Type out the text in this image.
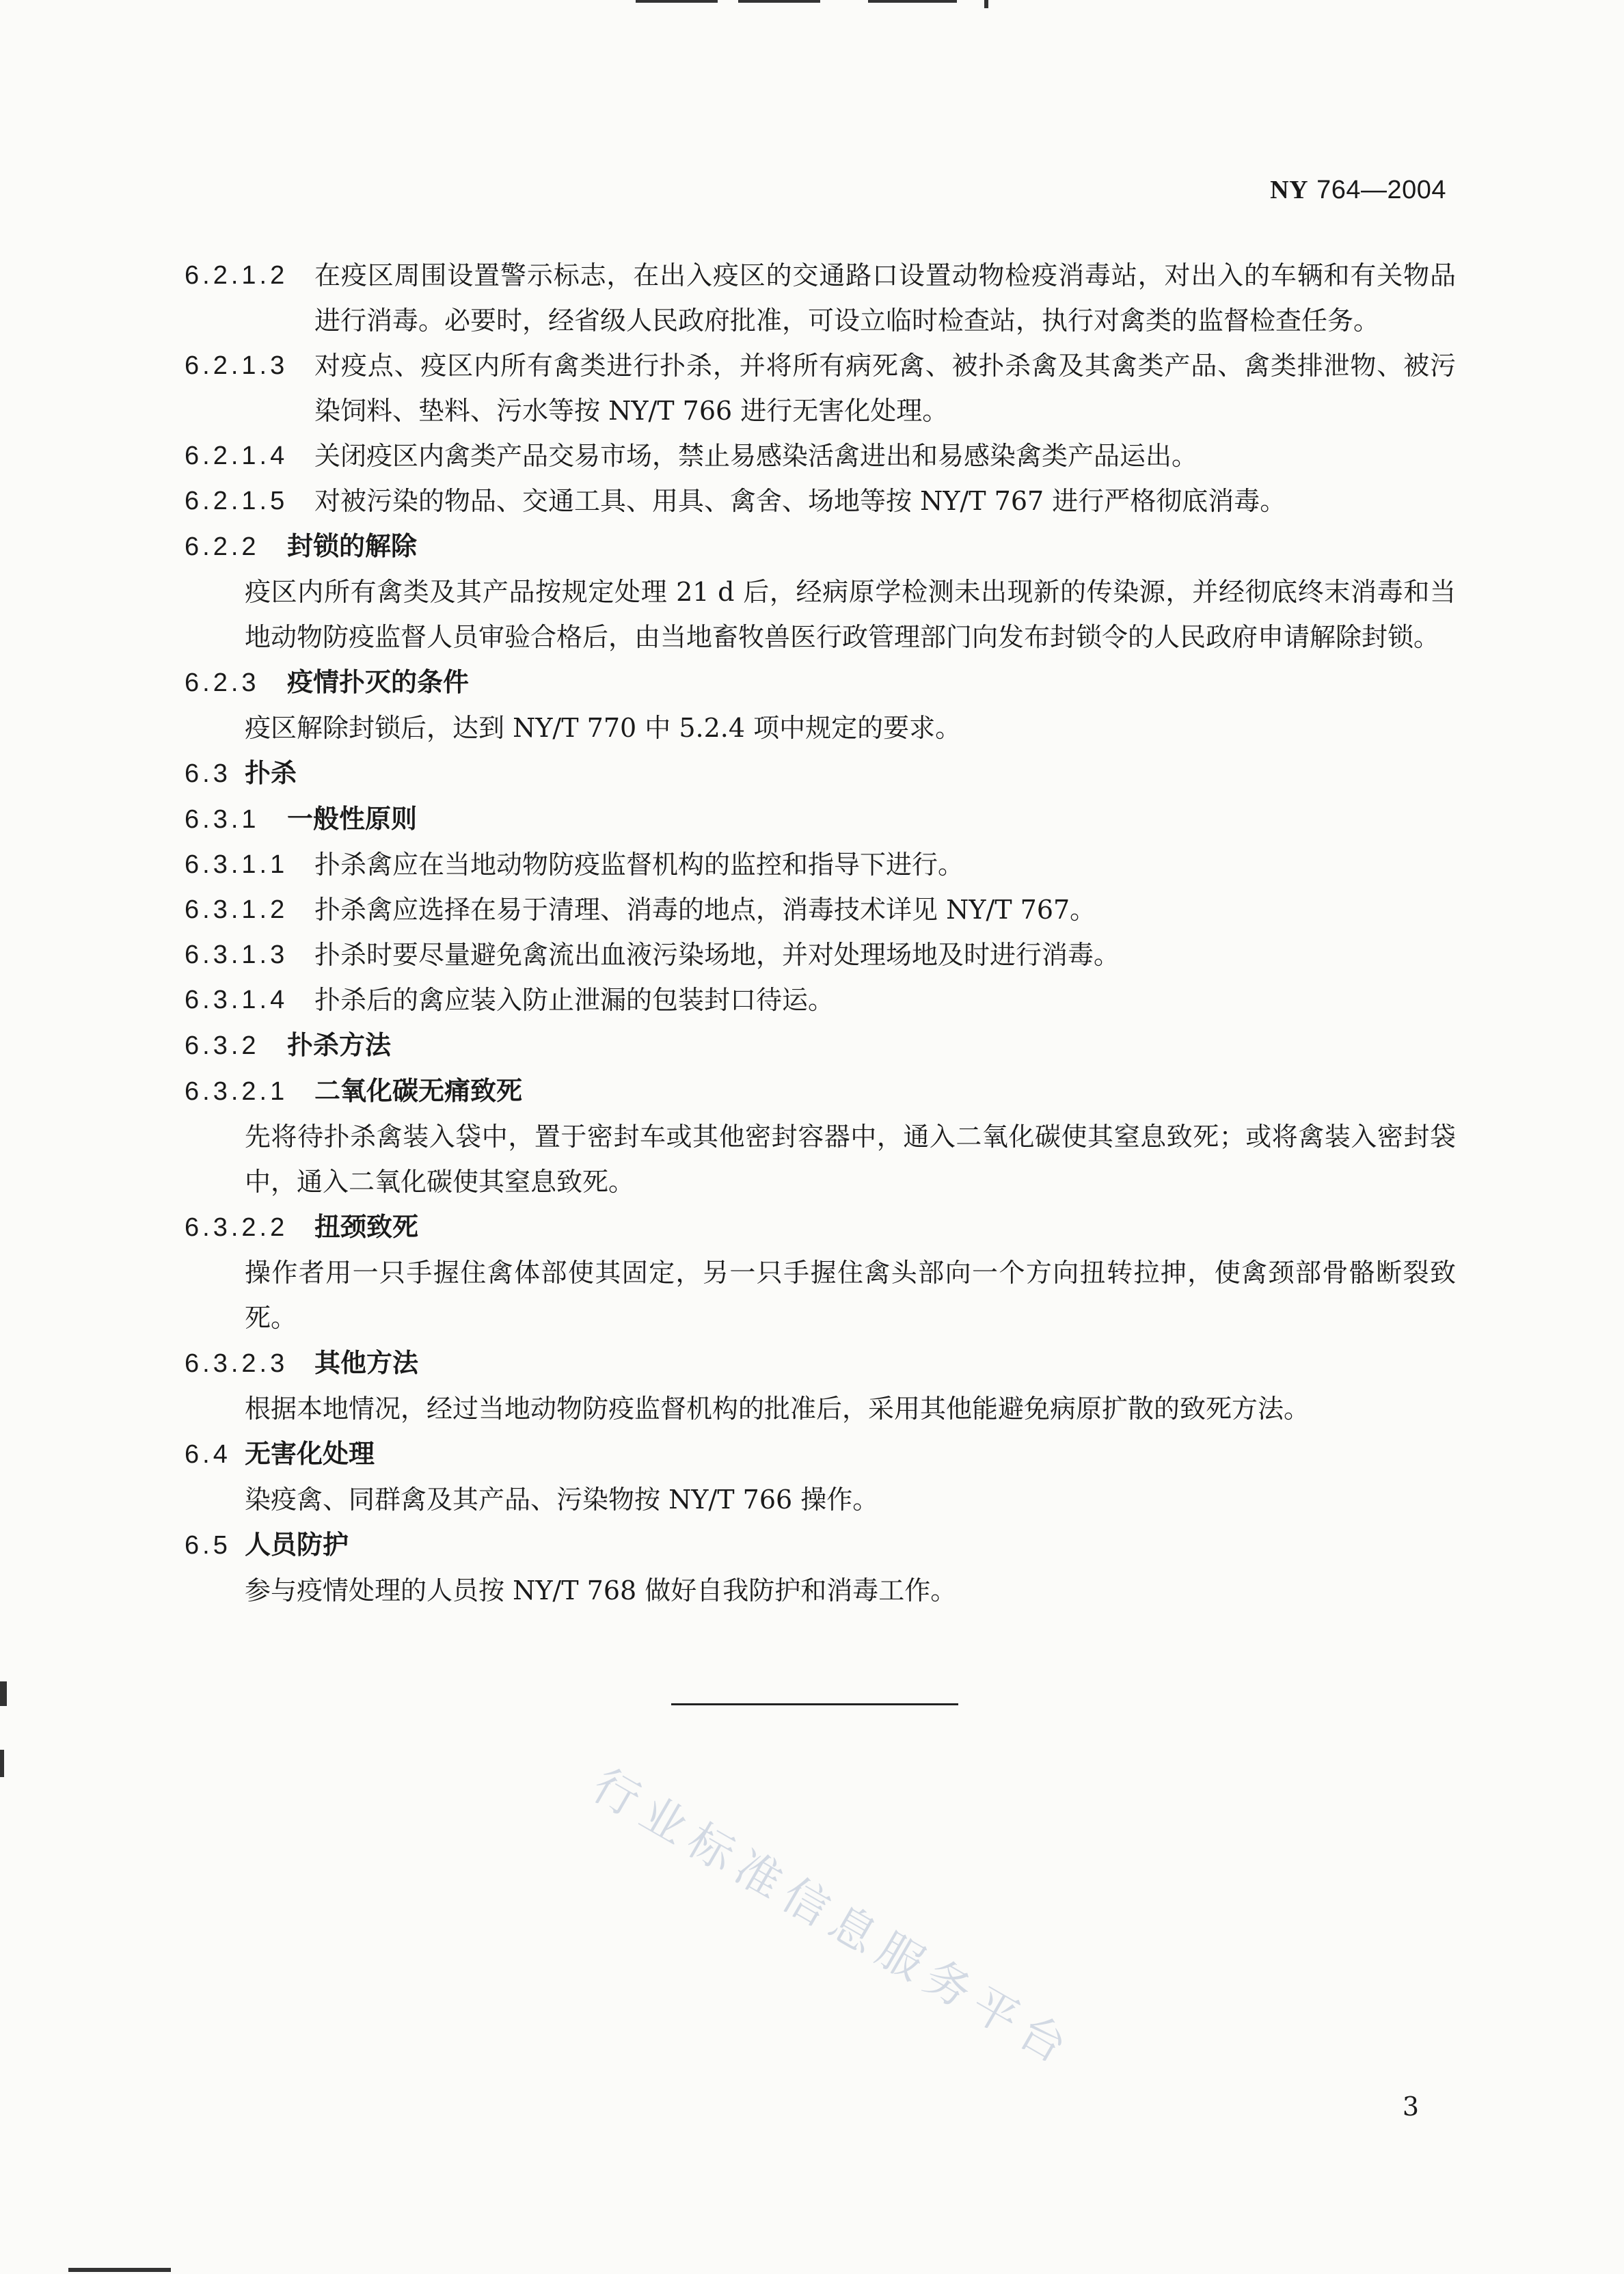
NY 764—2004
6.2.1.2	在疫区周围设置警示标志，在出入疫区的交通路口设置动物检疫消毒站，对出入的车辆和有关物品进行消毒。必要时，经省级人民政府批准，可设立临时检查站，执行对禽类的监督检查任务。
6.2.1.3	对疫点、疫区内所有禽类进行扑杀，并将所有病死禽、被扑杀禽及其禽类产品、禽类排泄物、被污染饲料、垫料、污水等按 NY/T 766 进行无害化处理。
6.2.1.4	关闭疫区内禽类产品交易市场，禁止易感染活禽进出和易感染禽类产品运出。
6.2.1.5	对被污染的物品、交通工具、用具、禽舍、场地等按 NY/T 767 进行严格彻底消毒。
6.2.2 封锁的解除
疫区内所有禽类及其产品按规定处理 21 d 后，经病原学检测未出现新的传染源，并经彻底终末消毒和当地动物防疫监督人员审验合格后，由当地畜牧兽医行政管理部门向发布封锁令的人民政府申请解除封锁。
6.2.3 疫情扑灭的条件
疫区解除封锁后，达到 NY/T 770 中 5.2.4 项中规定的要求。
6.3 扑杀
6.3.1 一般性原则
6.3.1.1	扑杀禽应在当地动物防疫监督机构的监控和指导下进行。
6.3.1.2	扑杀禽应选择在易于清理、消毒的地点，消毒技术详见 NY/T 767。
6.3.1.3	扑杀时要尽量避免禽流出血液污染场地，并对处理场地及时进行消毒。
6.3.1.4	扑杀后的禽应装入防止泄漏的包装封口待运。
6.3.2 扑杀方法
6.3.2.1 二氧化碳无痛致死
先将待扑杀禽装入袋中，置于密封车或其他密封容器中，通入二氧化碳使其窒息致死；或将禽装入密封袋中，通入二氧化碳使其窒息致死。
6.3.2.2 扭颈致死
操作者用一只手握住禽体部使其固定，另一只手握住禽头部向一个方向扭转拉抻，使禽颈部骨骼断裂致死。
6.3.2.3 其他方法
根据本地情况，经过当地动物防疫监督机构的批准后，采用其他能避免病原扩散的致死方法。
6.4 无害化处理
染疫禽、同群禽及其产品、污染物按 NY/T 766 操作。
6.5 人员防护
参与疫情处理的人员按 NY/T 768 做好自我防护和消毒工作。
行业标准信息服务平台
3
